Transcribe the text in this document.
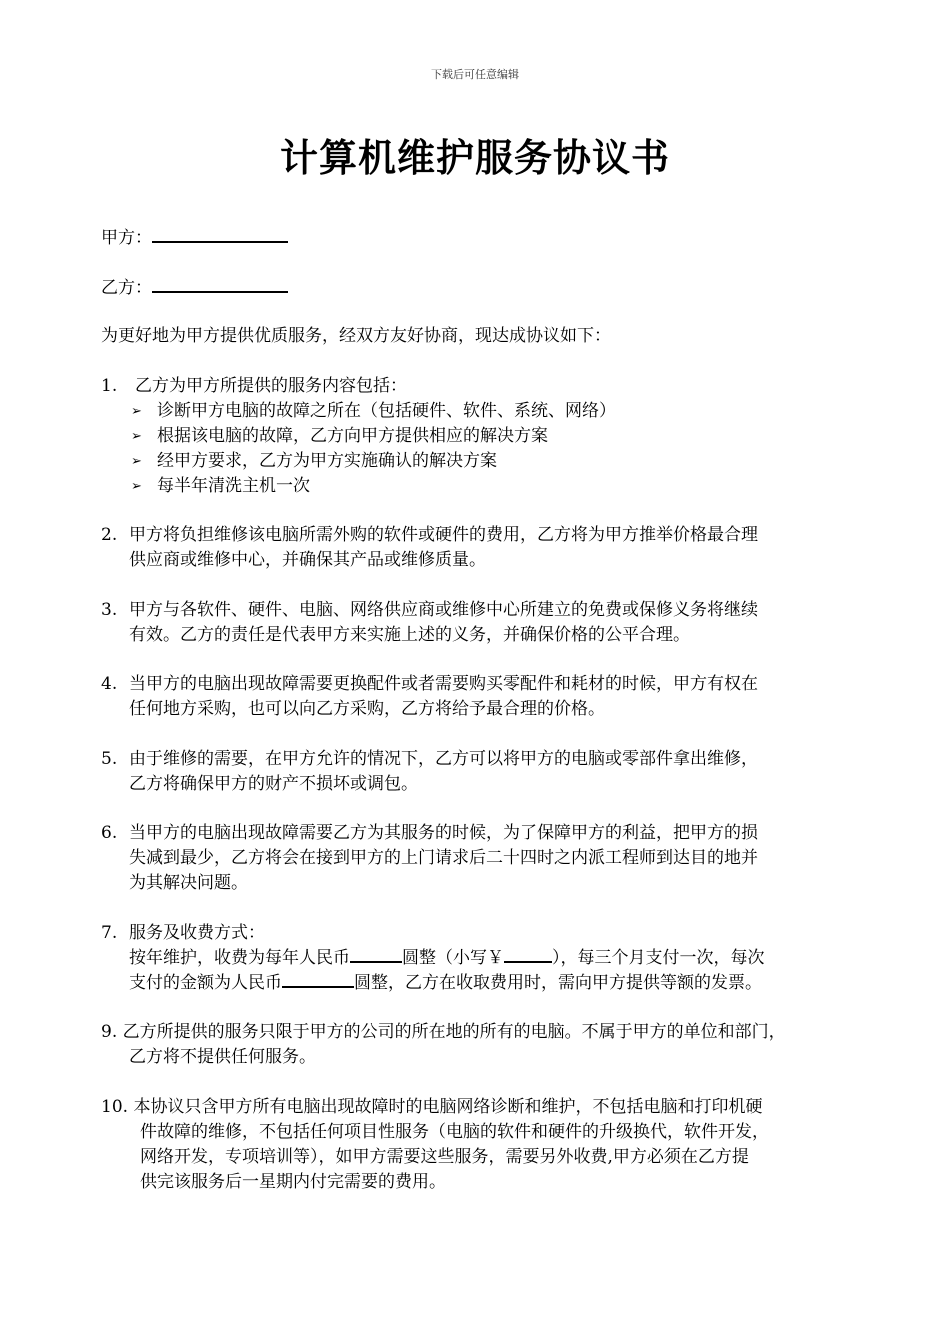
下载后可任意编辑
计算机维护服务协议书
甲方：
乙方：
为更好地为甲方提供优质服务，经双方友好协商，现达成协议如下：
1. 乙方为甲方所提供的服务内容包括：
➢ 诊断甲方电脑的故障之所在（包括硬件、软件、系统、网络）
➢ 根据该电脑的故障，乙方向甲方提供相应的解决方案
➢ 经甲方要求，乙方为甲方实施确认的解决方案
➢ 每半年清洗主机一次
2. 甲方将负担维修该电脑所需外购的软件或硬件的费用，乙方将为甲方推举价格最合理
供应商或维修中心，并确保其产品或维修质量。
3. 甲方与各软件、硬件、电脑、网络供应商或维修中心所建立的免费或保修义务将继续
有效。乙方的责任是代表甲方来实施上述的义务，并确保价格的公平合理。
4. 当甲方的电脑出现故障需要更换配件或者需要购买零配件和耗材的时候，甲方有权在
任何地方采购，也可以向乙方采购，乙方将给予最合理的价格。
5. 由于维修的需要，在甲方允许的情况下，乙方可以将甲方的电脑或零部件拿出维修，
乙方将确保甲方的财产不损坏或调包。
6. 当甲方的电脑出现故障需要乙方为其服务的时候，为了保障甲方的利益，把甲方的损
失减到最少，乙方将会在接到甲方的上门请求后二十四时之内派工程师到达目的地并
为其解决问题。
7. 服务及收费方式：
按年维护，收费为每年人民币	圆整（小写￥	），每三个月支付一次，每次
支付的金额为人民币	圆整，乙方在收取费用时，需向甲方提供等额的发票。
9. 乙方所提供的服务只限于甲方的公司的所在地的所有的电脑。不属于甲方的单位和部门，
乙方将不提供任何服务。
10. 本协议只含甲方所有电脑出现故障时的电脑网络诊断和维护，不包括电脑和打印机硬
件故障的维修，不包括任何项目性服务（电脑的软件和硬件的升级换代，软件开发，
网络开发，专项培训等），如甲方需要这些服务，需要另外收费,甲方必须在乙方提
供完该服务后一星期内付完需要的费用。
